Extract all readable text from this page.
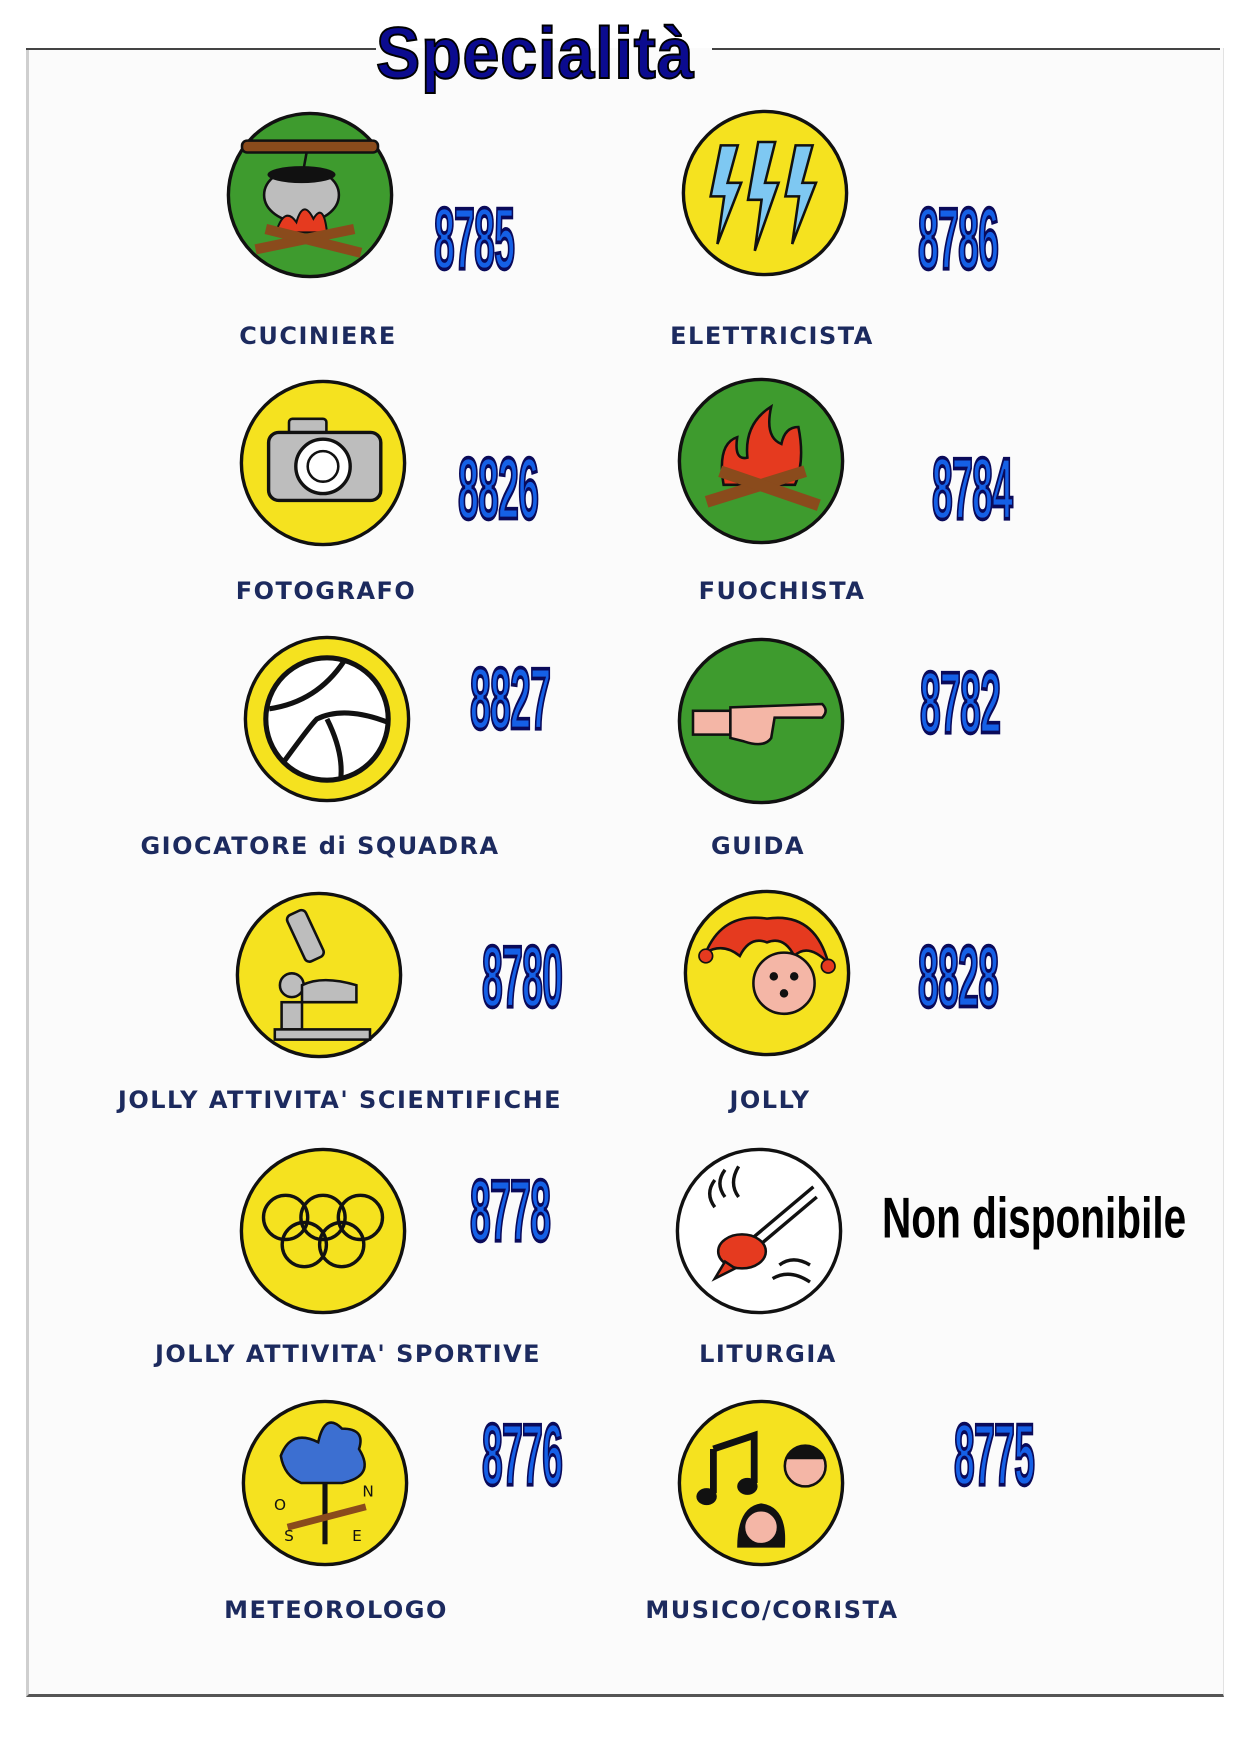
Specialità
8785
CUCINIERE
8786
ELETTRICISTA
8826
FOTOGRAFO
8784
FUOCHISTA
8827
GIOCATORE di SQUADRA
8782
GUIDA
8780
JOLLY ATTIVITA' SCIENTIFICHE
8828
JOLLY
8778
JOLLY ATTIVITA' SPORTIVE
Non disponibile
LITURGIA
O
N
S	E
8776
METEOROLOGO
8775
MUSICO/CORISTA
